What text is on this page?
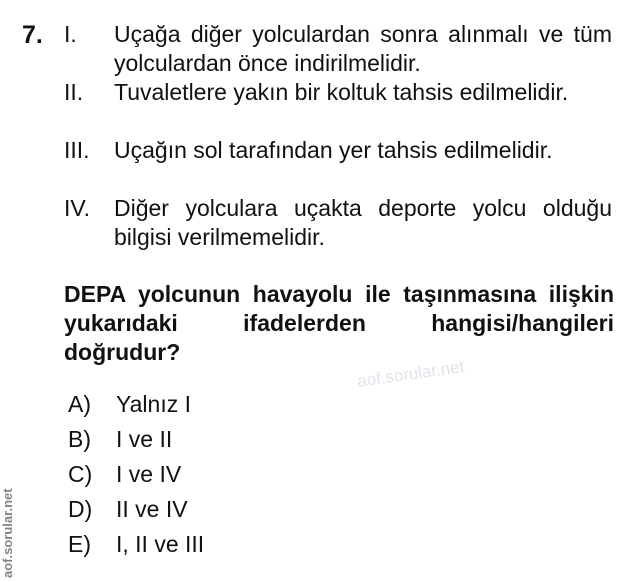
7. I. Uçağa diğer yolculardan sonra alınmalı ve tüm yolculardan önce indirilmelidir.
II. Tuvaletlere yakın bir koltuk tahsis edilmelidir.
III. Uçağın sol tarafından yer tahsis edilmelidir.
IV. Diğer yolculara uçakta deporte yolcu olduğu bilgisi verilmemelidir.
DEPA yolcunun havayolu ile taşınmasına ilişkin yukarıdaki ifadelerden hangisi/hangileri doğrudur?
aof.sorular.net
A) Yalnız I
B) I ve II
C) I ve IV
D) II ve IV
E) I, II ve III
aof.sorular.net
